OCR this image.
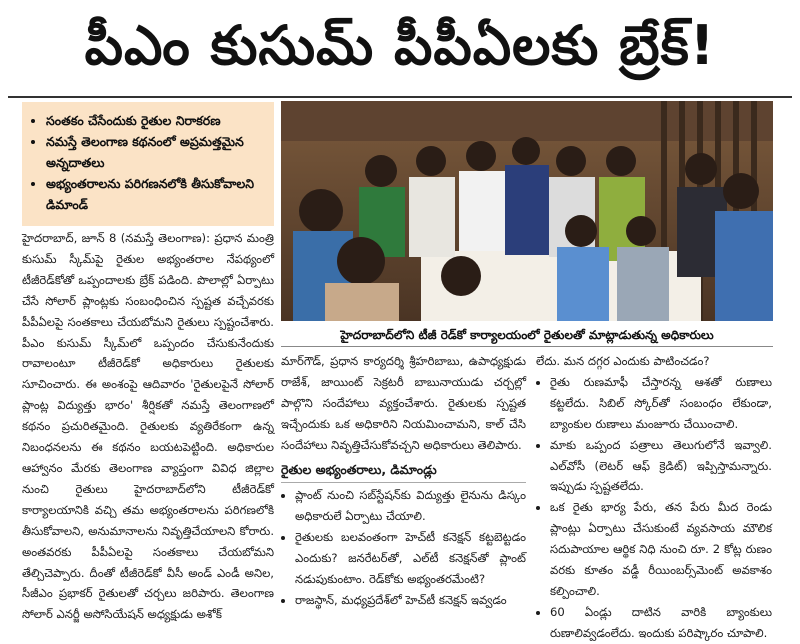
పీఎం కుసుమ్ పీపీఏలకు బ్రేక్!
• సంతకం చేసేందుకు రైతుల నిరాకరణ
• నమస్తే తెలంగాణ కథనంలో అప్రమత్తమైన అన్నదాతలు
• అభ్యంతరాలను పరిగణనలోకి తీసుకోవాలని డిమాండ్
హైదరాబాద్‌లోని టీజీ రెడ్‌కో కార్యాలయంలో రైతులతో మాట్లాడుతున్న అధికారులు

హైదరాబాద్, జూన్ 8 (నమస్తే తెలంగాణ): ప్రధాన మంత్రి కుసుమ్ స్కీమ్‌పై రైతుల అభ్యంతరాల నేపథ్యంలో టీజీరెడ్‌కోతో ఒప్పందాలకు బ్రేక్ పడింది. పొలాల్లో ఏర్పాటు చేసే సోలార్ ప్లాంట్లకు సంబంధించిన స్పష్టత వచ్చేవరకు పీపీఏలపై సంతకాలు చేయబోమని రైతులు స్పష్టంచేశారు. పీఎం కుసుమ్ స్కీమ్‌లో ఒప్పందం చేసుకునేందుకు రావాలంటూ టీజీరెడ్‌కో అధికారులు రైతులకు సూచించారు. ఈ అంశంపై ఆదివారం 'రైతులపైనే సోలార్ ప్లాంట్ల విద్యుత్తు భారం' శీర్షికతో నమస్తే తెలంగాణలో కథనం ప్రచురితమైంది. రైతులకు వ్యతిరేకంగా ఉన్న నిబంధనలను ఈ కథనం బయటపెట్టింది. అధికారుల ఆహ్వానం మేరకు తెలంగాణ వ్యాప్తంగా వివిధ జిల్లాల నుంచి రైతులు హైదరాబాద్‌లోని టీజీరెడ్‌కో కార్యాలయానికి వచ్చి తమ అభ్యంతరాలను పరిగణలోకి తీసుకోవాలని, అనుమానాలను నివృత్తిచేయాలని కోరారు. అంతవరకు పీపీఏలపై సంతకాలు చేయబోమని తేల్చిచెప్పారు. దీంతో టీజీరెడ్‌కో వీసీ అండ్ ఎండీ అనిల, సీజీఎం ప్రభాకర్ రైతులతో చర్చలు జరిపారు. తెలంగాణ సోలార్ ఎనర్జీ అసోసియేషన్ అధ్యక్షుడు అశోక్

మార్‌గౌడ్, ప్రధాన కార్యదర్శి శ్రీహరిబాబు, ఉపాధ్యక్షుడు రాజేశ్, జాయింట్ సెక్రటరీ బాబునాయుడు చర్చల్లో పాల్గొని సందేహాలు వ్యక్తంచేశారు. రైతులకు స్పష్టత ఇచ్చేందుకు ఒక అధికారిని నియమించామని, కాల్ చేసి సందేహాలు నివృత్తిచేసుకోవచ్చని అధికారులు తెలిపారు.

రైతుల అభ్యంతరాలు, డిమాండ్లు
• ప్లాంట్ నుంచి సబ్‌స్టేషన్‌కు విద్యుత్తు లైనును డిస్కం అధికారులే ఏర్పాటు చేయాలి.
• రైతులకు బలవంతంగా హెచ్‌టీ కనెక్షన్ కట్టబెట్టడం ఎందుకు? జనరేటర్‌తో, ఎల్‌టీ కనెక్షన్‌తో ప్లాంట్ నడుపుకుంటాం. రెడ్‌కోకు అభ్యంతరమేంటి?
• రాజస్థాన్, మధ్యప్రదేశ్‌లో హెచ్‌టీ కనెక్షన్ ఇవ్వడం

లేదు. మన దగ్గర ఎందుకు పాటించడం?

• రైతు రుణమాఫీ చేస్తారన్న ఆశతో రుణాలు కట్టలేదు. సిబిల్ స్కోర్‌తో సంబంధం లేకుండా, బ్యాంకుల రుణాలు మంజూరు చేయించాలి.
• మాకు ఒప్పంద పత్రాలు తెలుగులోనే ఇవ్వాలి. ఎల్‌వోసీ (లెటర్ ఆఫ్ క్రెడిట్) ఇప్పిస్తామన్నారు. ఇప్పుడు స్పష్టతలేదు.
• ఒక రైతు భార్య పేరు, తన పేరు మీద రెండు ప్లాంట్లు ఏర్పాటు చేసుకుంటే వ్యవసాయ మౌలిక సదుపాయాల ఆర్థిక నిధి నుంచి రూ. 2 కోట్ల రుణం వరకు కూతం వడ్డీ రీయింబర్స్‌మెంట్ అవకాశం కల్పించాలి.
• 60 ఏండ్లు దాటిన వారికి బ్యాంకులు రుణాలివ్వడంలేదు. ఇందుకు పరిష్కారం చూపాలి.
